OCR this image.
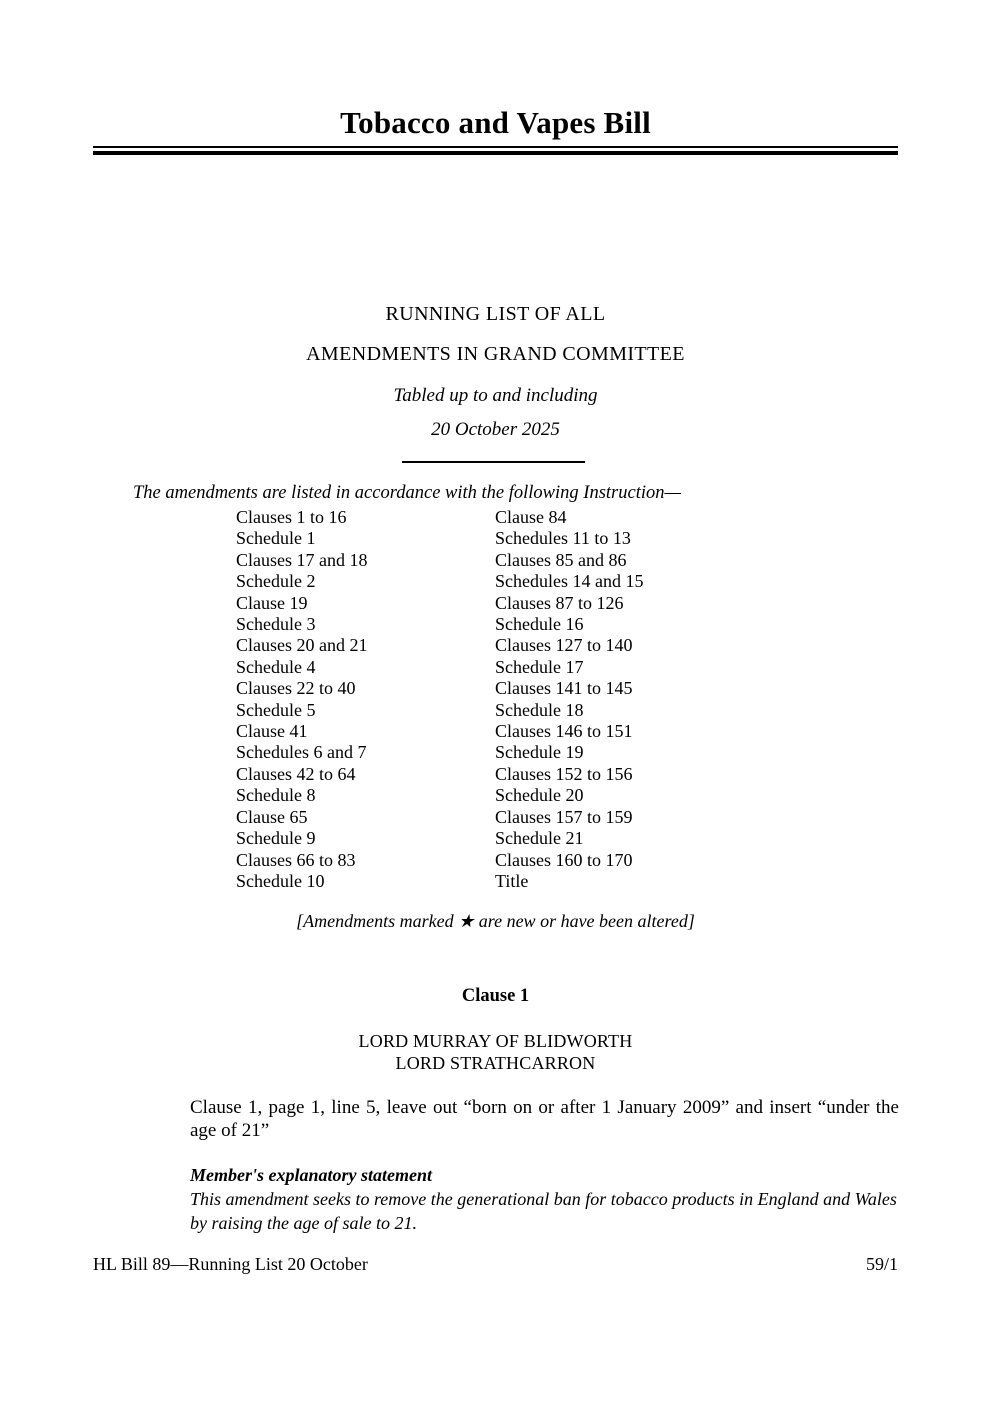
Tobacco and Vapes Bill
RUNNING LIST OF ALL
AMENDMENTS IN GRAND COMMITTEE
Tabled up to and including
20 October 2025
The amendments are listed in accordance with the following Instruction—
Clauses 1 to 16
Schedule 1
Clauses 17 and 18
Schedule 2
Clause 19
Schedule 3
Clauses 20 and 21
Schedule 4
Clauses 22 to 40
Schedule 5
Clause 41
Schedules 6 and 7
Clauses 42 to 64
Schedule 8
Clause 65
Schedule 9
Clauses 66 to 83
Schedule 10
Clause 84
Schedules 11 to 13
Clauses 85 and 86
Schedules 14 and 15
Clauses 87 to 126
Schedule 16
Clauses 127 to 140
Schedule 17
Clauses 141 to 145
Schedule 18
Clauses 146 to 151
Schedule 19
Clauses 152 to 156
Schedule 20
Clauses 157 to 159
Schedule 21
Clauses 160 to 170
Title
[Amendments marked ★ are new or have been altered]
Clause 1
LORD MURRAY OF BLIDWORTH
LORD STRATHCARRON
Clause 1, page 1, line 5, leave out “born on or after 1 January 2009” and insert “under the age of 21”
Member's explanatory statement
This amendment seeks to remove the generational ban for tobacco products in England and Wales by raising the age of sale to 21.
HL Bill 89—Running List 20 October	59/1
